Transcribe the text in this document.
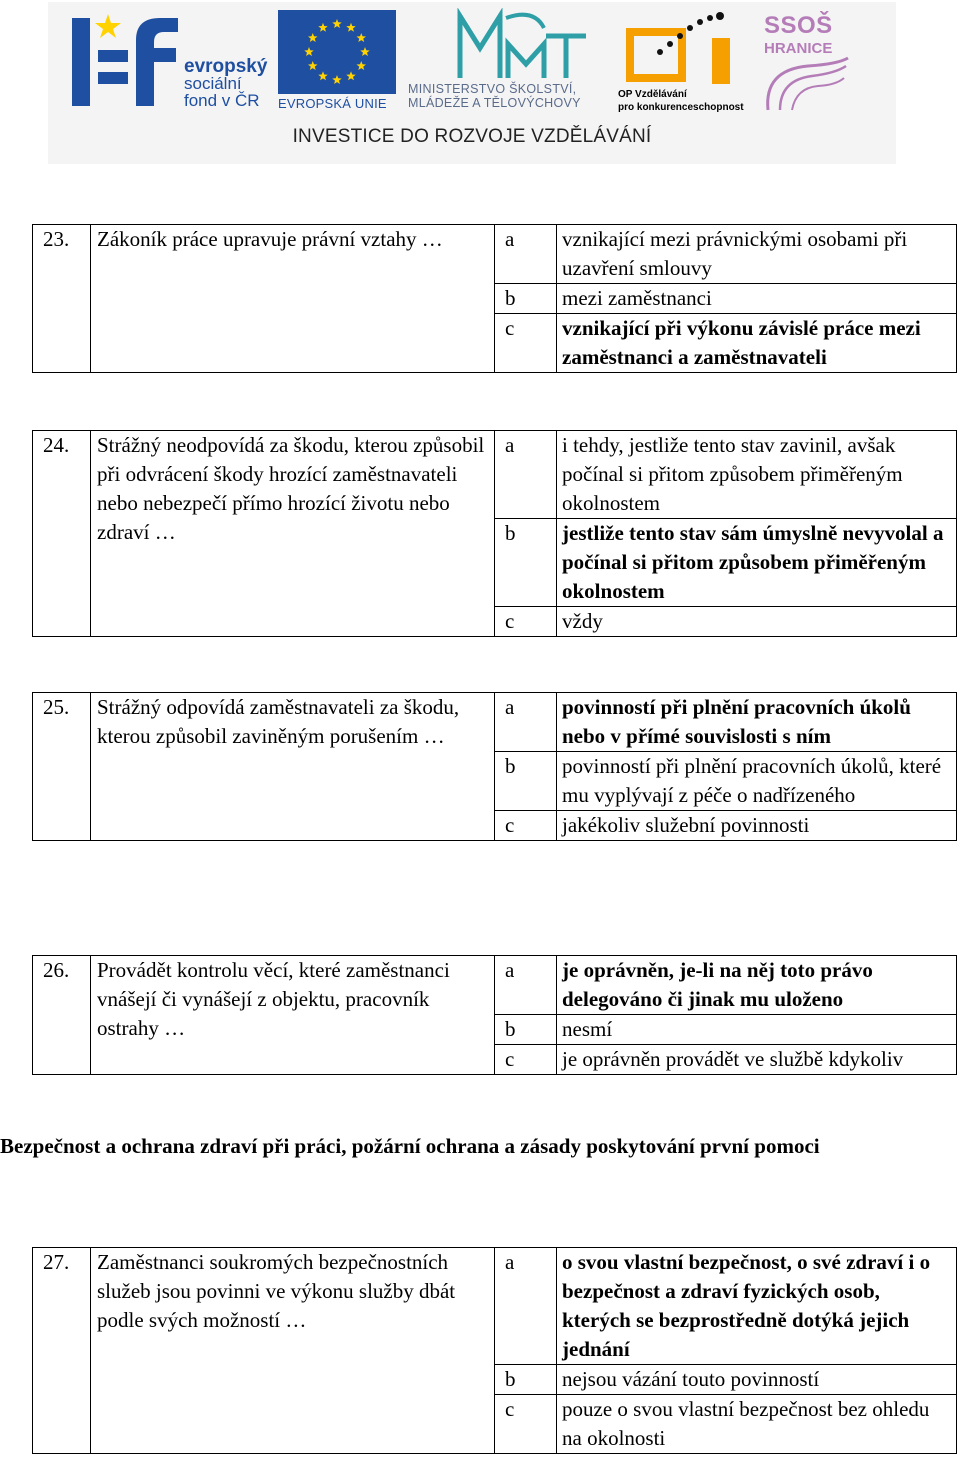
evropský
sociální
fond v ČR	EVROPSKÁ UNIE
MINISTERSTVO ŠKOLSTVÍ,
MLÁDEŽE A TĚLOVÝCHOVY
OP Vzdělávání
pro konkurenceschopnost
SSOŠ
HRANICE
INVESTICE DO ROZVOJE VZDĚLÁVÁNÍ
23.	Zákoník práce upravuje právní vztahy …	a	vznikající mezi právnickými osobami při uzavření smlouvy
		b	mezi zaměstnanci
		c	vznikající při výkonu závislé práce mezi zaměstnanci a zaměstnavateli
24.	Strážný neodpovídá za škodu, kterou způsobil při odvrácení škody hrozící zaměstnavateli nebo nebezpečí přímo hrozící životu nebo zdraví …	a	i tehdy, jestliže tento stav zavinil, avšak počínal si přitom způsobem přiměřeným okolnostem
		b	jestliže tento stav sám úmyslně nevyvolal a počínal si přitom způsobem přiměřeným okolnostem
		c	vždy
25.	Strážný odpovídá zaměstnavateli za škodu, kterou způsobil zaviněným porušením …	a	povinností při plnění pracovních úkolů nebo v přímé souvislosti s ním
		b	povinností při plnění pracovních úkolů, které mu vyplývají z péče o nadřízeného
		c	jakékoliv služební povinnosti
26.	Provádět kontrolu věcí, které zaměstnanci vnášejí či vynášejí z objektu, pracovník ostrahy …	a	je oprávněn, je-li na něj toto právo delegováno či jinak mu uloženo
		b	nesmí
		c	je oprávněn provádět ve službě kdykoliv
27.	Zaměstnanci soukromých bezpečnostních služeb jsou povinni ve výkonu služby dbát podle svých možností …	a	o svou vlastní bezpečnost, o své zdraví i o bezpečnost a zdraví fyzických osob, kterých se bezprostředně dotýká jejich jednání
		b	nejsou vázání touto povinností
		c	pouze o svou vlastní bezpečnost bez ohledu na okolnosti
Bezpečnost a ochrana zdraví při práci, požární ochrana a zásady poskytování první pomoci
